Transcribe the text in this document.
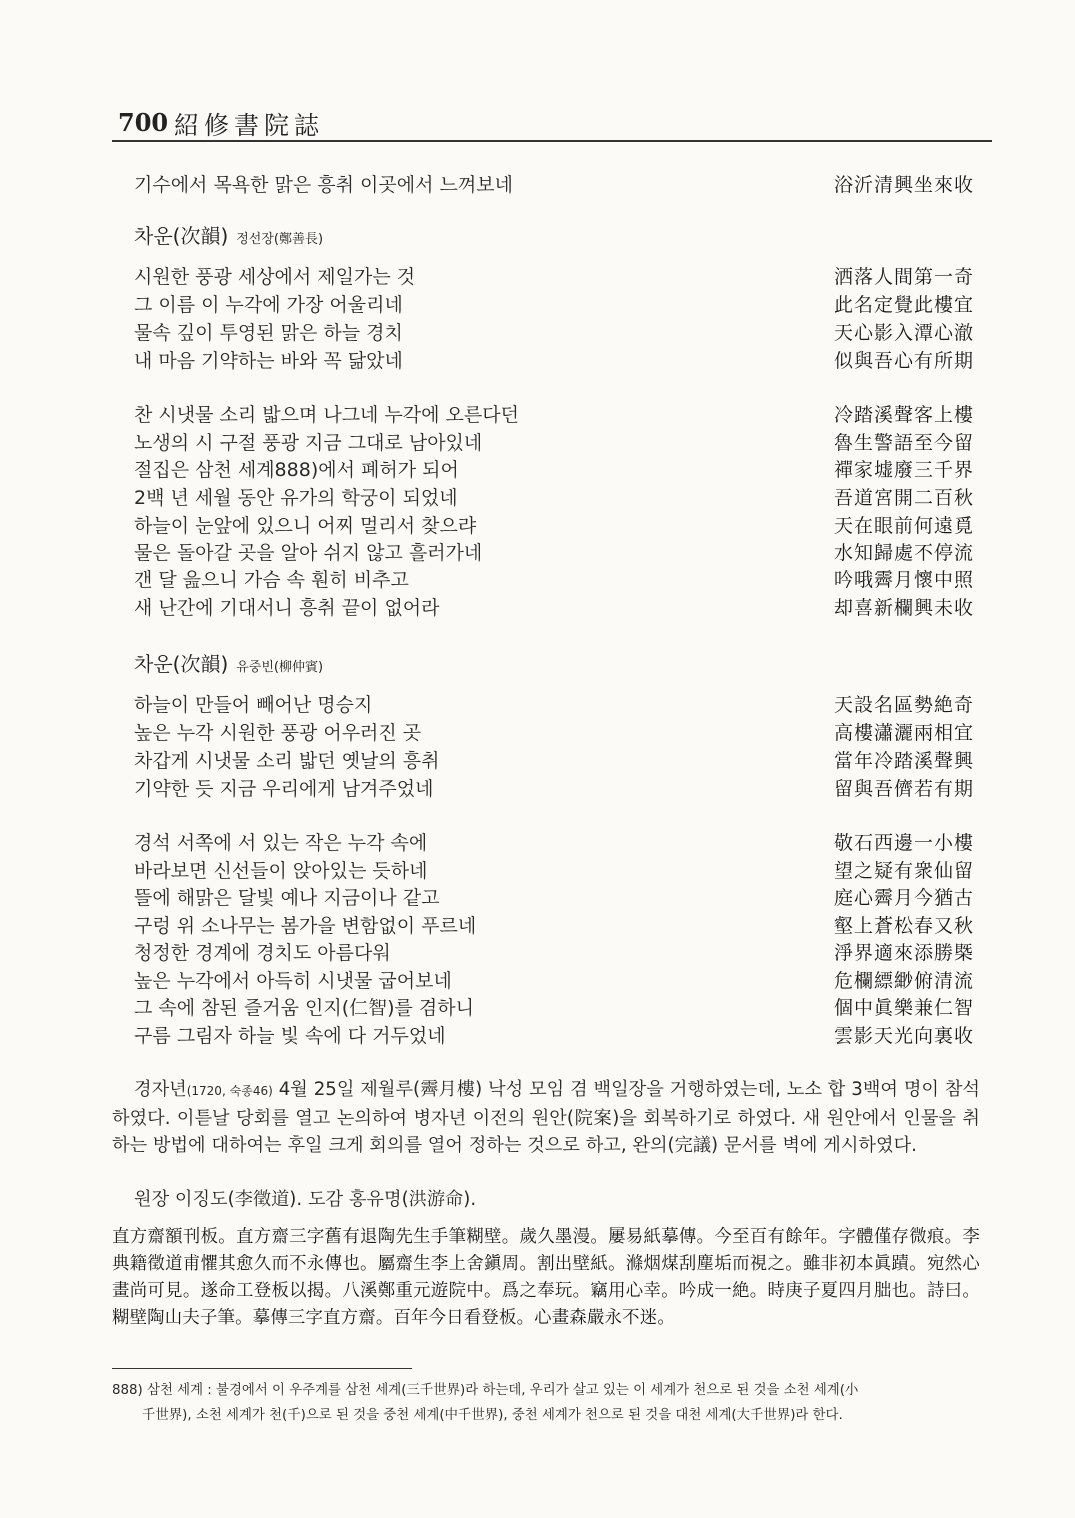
700 紹修書院誌
기수에서 목욕한 맑은 흥취 이곳에서 느껴보네	浴沂清興坐來收
차운(次韻) 정선장(鄭善長)
시원한 풍광 세상에서 제일가는 것	洒落人間第一奇
그 이름 이 누각에 가장 어울리네	此名定覺此樓宜
물속 깊이 투영된 맑은 하늘 경치	天心影入潭心澈
내 마음 기약하는 바와 꼭 닮았네	似與吾心有所期
찬 시냇물 소리 밟으며 나그네 누각에 오른다던	冷踏溪聲客上樓
노생의 시 구절 풍광 지금 그대로 남아있네	魯生警語至今留
절집은 삼천 세계888)에서 폐허가 되어	禪家墟廢三千界
2백 년 세월 동안 유가의 학궁이 되었네	吾道宮開二百秋
하늘이 눈앞에 있으니 어찌 멀리서 찾으랴	天在眼前何遠覓
물은 돌아갈 곳을 알아 쉬지 않고 흘러가네	水知歸處不停流
갠 달 읊으니 가슴 속 훤히 비추고	吟哦霽月懷中照
새 난간에 기대서니 흥취 끝이 없어라	却喜新欄興未收
차운(次韻) 유중빈(柳仲賓)
하늘이 만들어 빼어난 명승지	天設名區勢絶奇
높은 누각 시원한 풍광 어우러진 곳	高樓瀟灑兩相宜
차갑게 시냇물 소리 밟던 옛날의 흥취	當年冷踏溪聲興
기약한 듯 지금 우리에게 남겨주었네	留與吾儕若有期
경석 서쪽에 서 있는 작은 누각 속에	敬石西邊一小樓
바라보면 신선들이 앉아있는 듯하네	望之疑有衆仙留
뜰에 해맑은 달빛 예나 지금이나 같고	庭心霽月今猶古
구렁 위 소나무는 봄가을 변함없이 푸르네	壑上蒼松春又秋
청정한 경계에 경치도 아름다워	淨界適來添勝槩
높은 누각에서 아득히 시냇물 굽어보네	危欄縹緲俯清流
그 속에 참된 즐거움 인지(仁智)를 겸하니	個中眞樂兼仁智
구름 그림자 하늘 빛 속에 다 거두었네	雲影天光向裏收
경자년(1720, 숙종46) 4월 25일 제월루(霽月樓) 낙성 모임 겸 백일장을 거행하였는데, 노소 합 3백여 명이 참석하였다. 이튿날 당회를 열고 논의하여 병자년 이전의 원안(院案)을 회복하기로 하였다. 새 원안에서 인물을 취하는 방법에 대하여는 후일 크게 회의를 열어 정하는 것으로 하고, 완의(完議) 문서를 벽에 게시하였다.
원장 이징도(李徵道). 도감 홍유명(洪游命).
直方齋額刊板。直方齋三字舊有退陶先生手筆糊壁。歲久墨漫。屢易紙摹傳。今至百有餘年。字體僅存微痕。李典籍徵道甫懼其愈久而不永傳也。屬齋生李上舍鎭周。割出壁紙。滌烟煤刮塵垢而視之。雖非初本眞蹟。宛然心畫尚可見。遂命工登板以揭。八溪鄭重元遊院中。爲之奉玩。竊用心幸。吟成一絶。時庚子夏四月朏也。詩曰。糊壁陶山夫子筆。摹傳三字直方齋。百年今日看登板。心畫森嚴永不迷。
888) 삼천 세계 : 불경에서 이 우주계를 삼천 세계(三千世界)라 하는데, 우리가 살고 있는 이 세계가 천으로 된 것을 소천 세계(小
千世界), 소천 세계가 천(千)으로 된 것을 중천 세계(中千世界), 중천 세계가 천으로 된 것을 대천 세계(大千世界)라 한다.
